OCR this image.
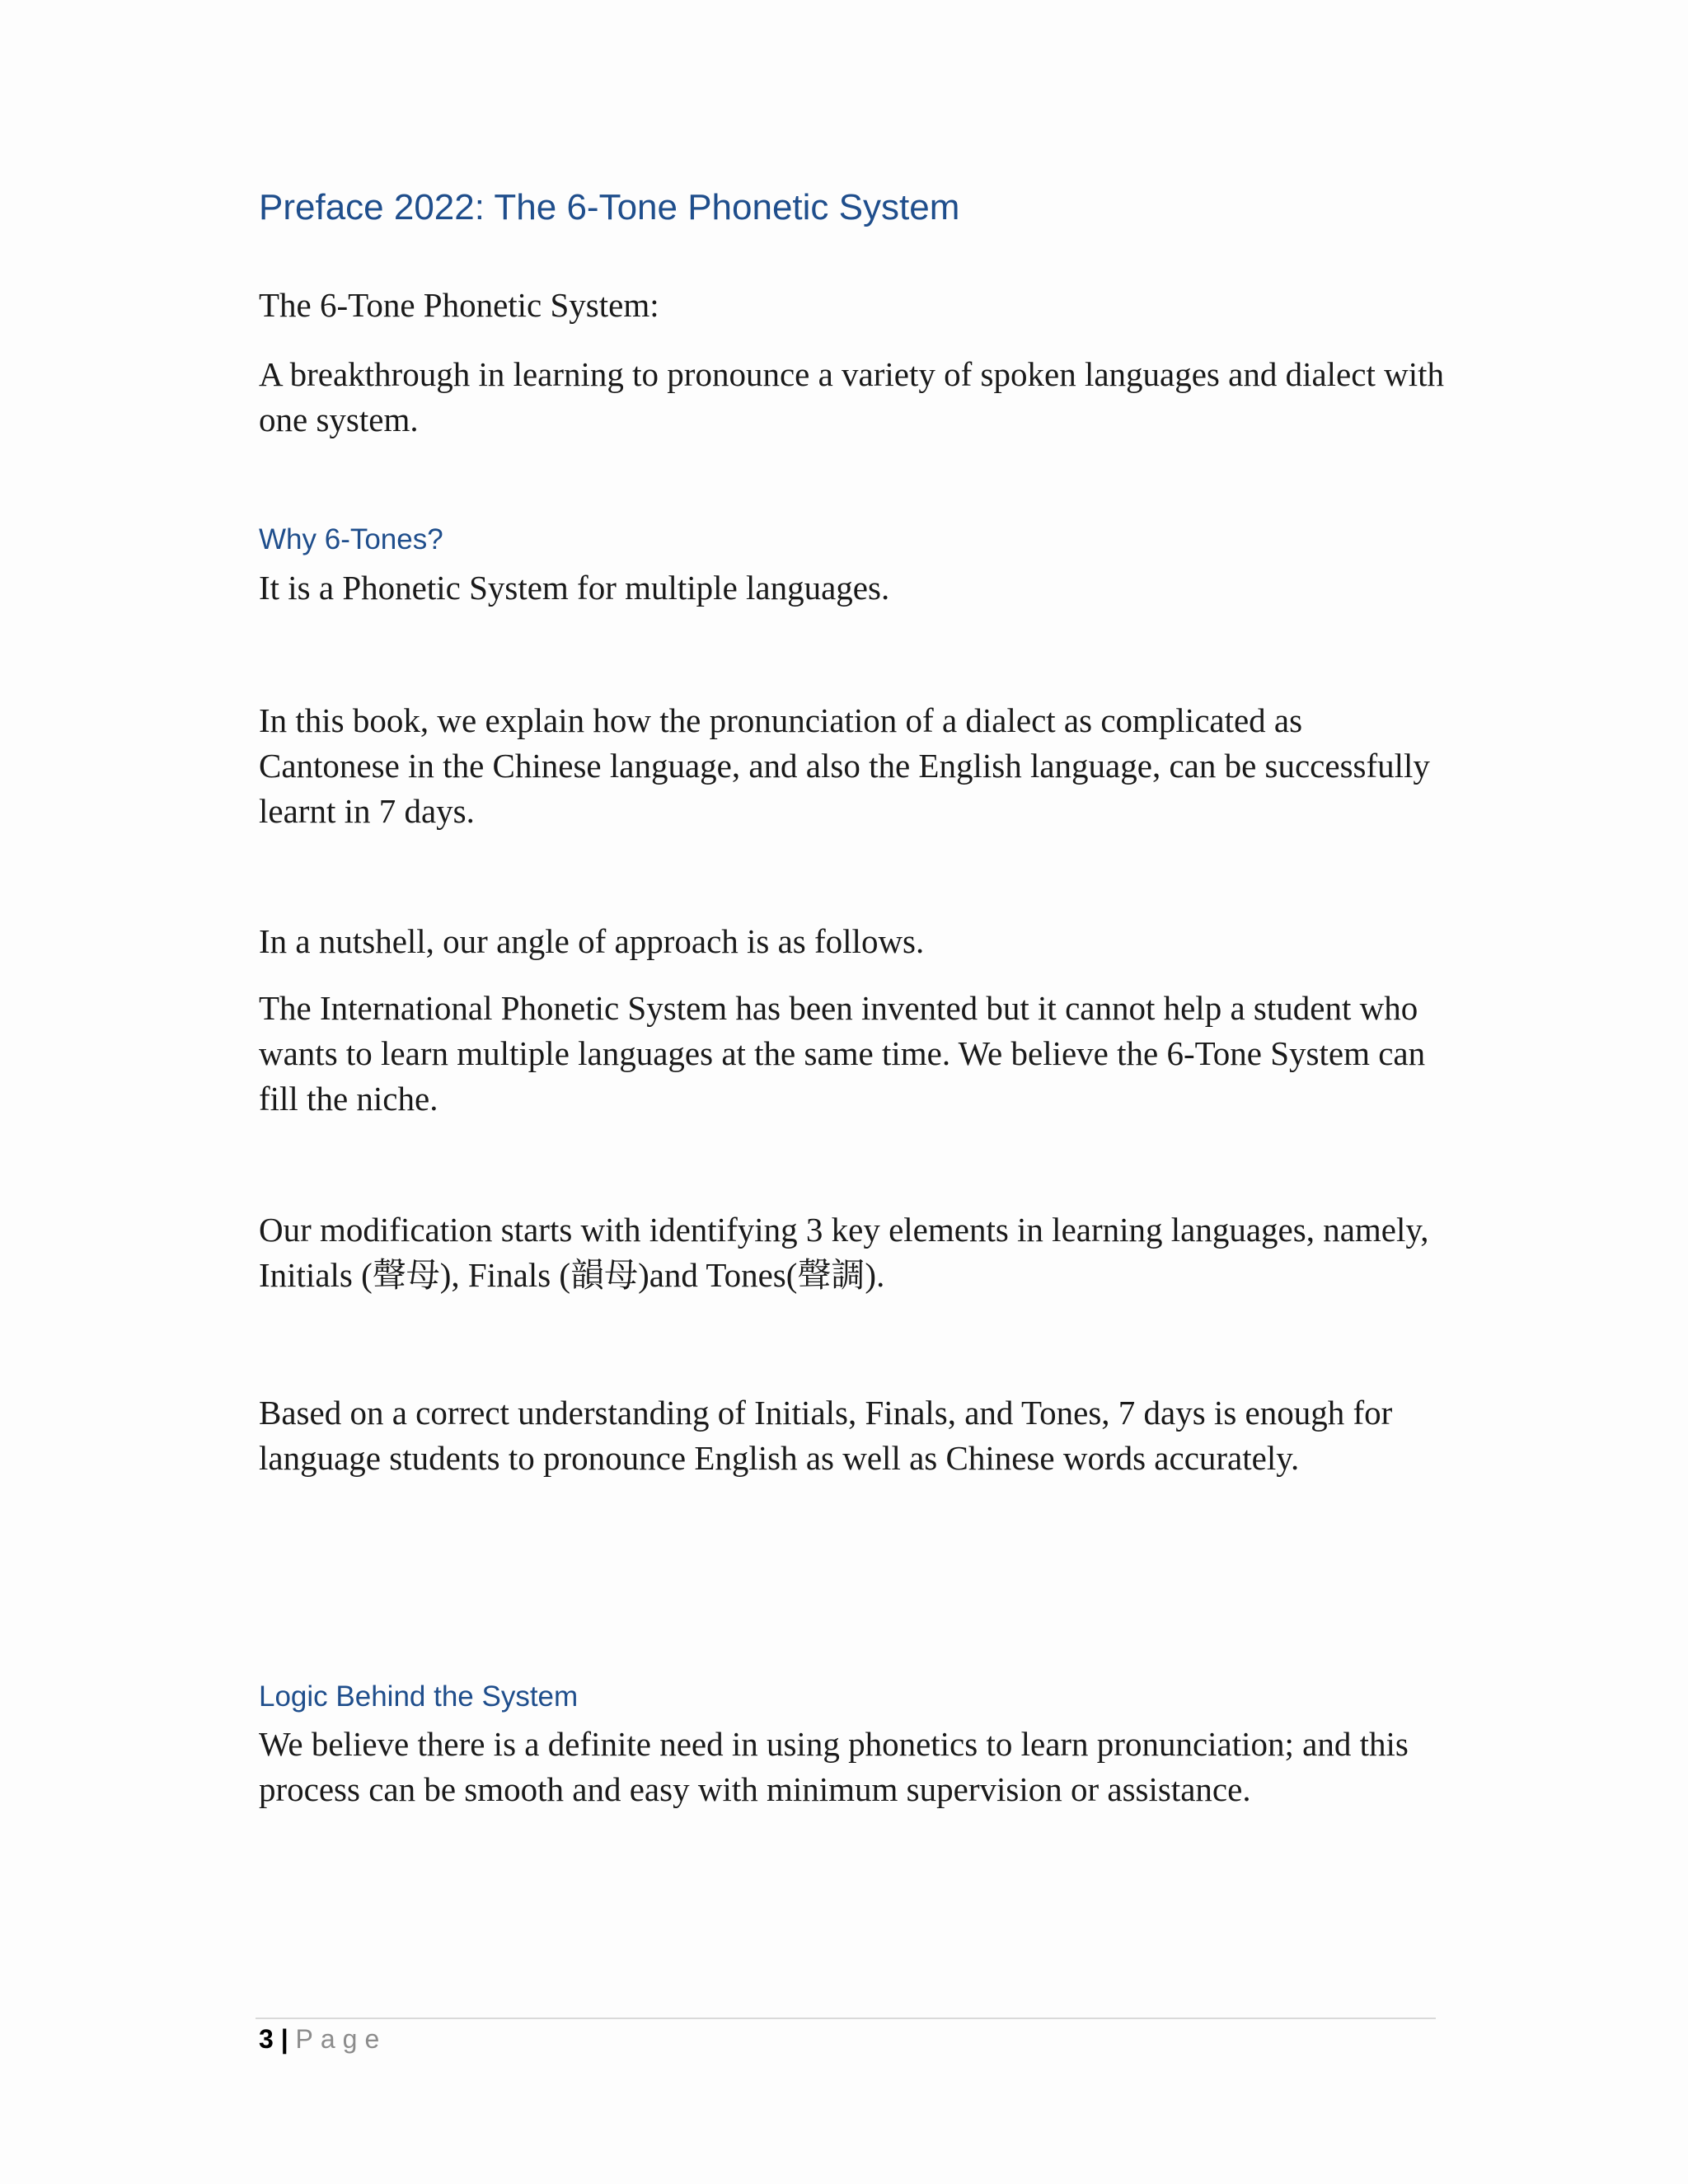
Preface 2022: The 6-Tone Phonetic System

The 6-Tone Phonetic System:

A breakthrough in learning to pronounce a variety of spoken languages and dialect with one system.

Why 6-Tones?

It is a Phonetic System for multiple languages.

In this book, we explain how the pronunciation of a dialect as complicated as Cantonese in the Chinese language, and also the English language, can be successfully learnt in 7 days.

In a nutshell, our angle of approach is as follows.

The International Phonetic System has been invented but it cannot help a student who wants to learn multiple languages at the same time. We believe the 6-Tone System can fill the niche.

Our modification starts with identifying 3 key elements in learning languages, namely, Initials (聲母), Finals (韻母)and Tones(聲調).

Based on a correct understanding of Initials, Finals, and Tones, 7 days is enough for language students to pronounce English as well as Chinese words accurately.

Logic Behind the System

We believe there is a definite need in using phonetics to learn pronunciation; and this process can be smooth and easy with minimum supervision or assistance.

3 | Page
